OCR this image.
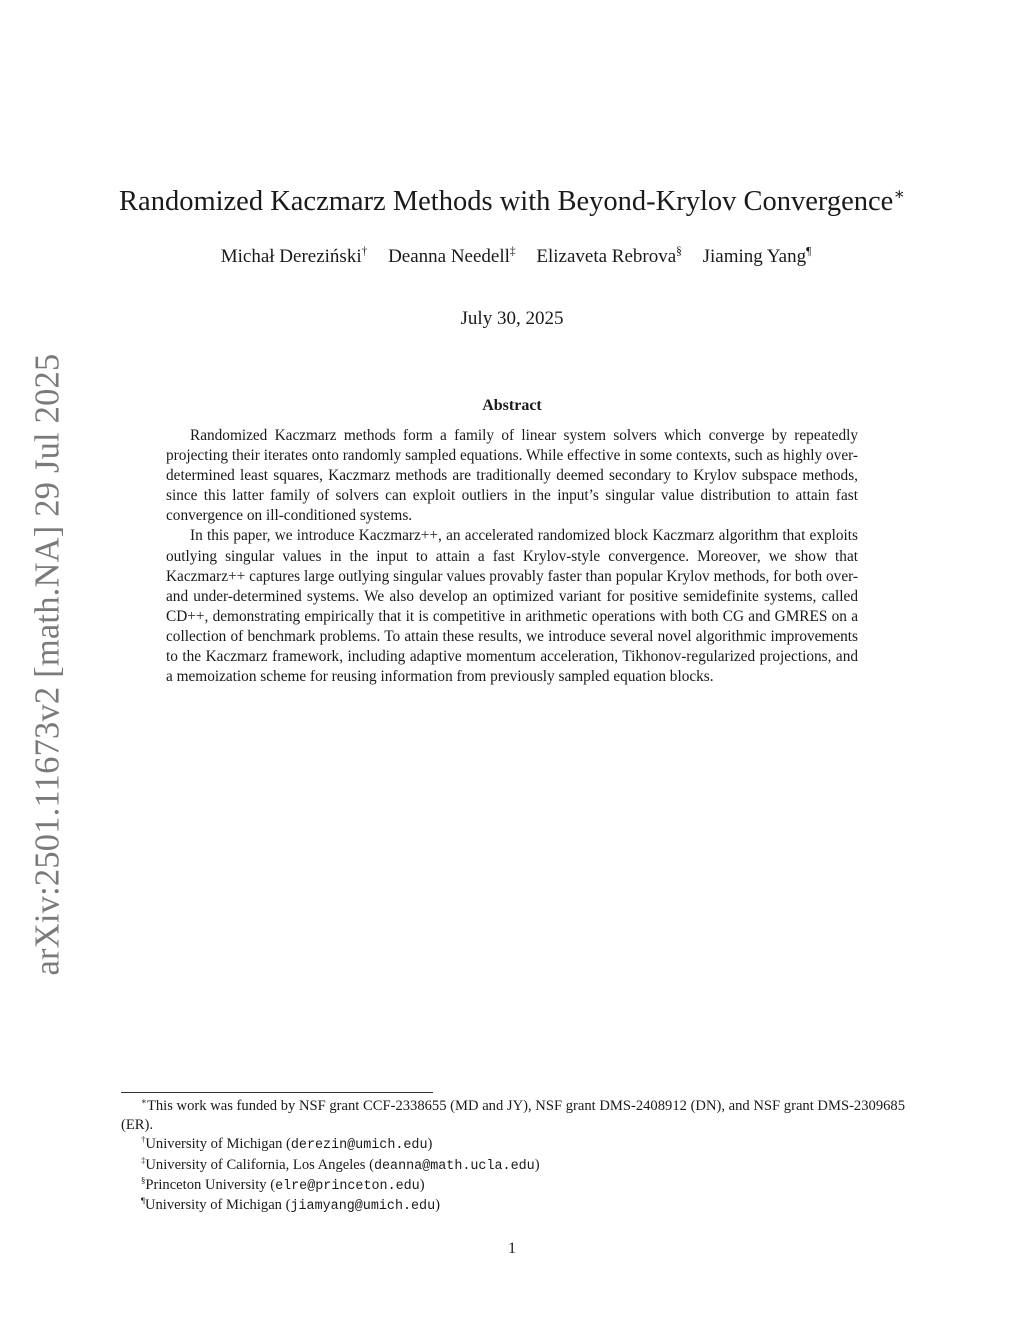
arXiv:2501.11673v2 [math.NA] 29 Jul 2025
Randomized Kaczmarz Methods with Beyond-Krylov Convergence∗
Michał Dereziński† Deanna Needell‡ Elizaveta Rebrova§ Jiaming Yang¶
July 30, 2025
Abstract

Randomized Kaczmarz methods form a family of linear system solvers which converge by repeatedly projecting their iterates onto randomly sampled equations. While effective in some contexts, such as highly over-determined least squares, Kaczmarz methods are traditionally deemed secondary to Krylov subspace methods, since this latter family of solvers can exploit outliers in the input’s singular value distribution to attain fast convergence on ill-conditioned systems.

In this paper, we introduce Kaczmarz++, an accelerated randomized block Kaczmarz algorithm that exploits outlying singular values in the input to attain a fast Krylov-style convergence. Moreover, we show that Kaczmarz++ captures large outlying singular values provably faster than popular Krylov methods, for both over- and under-determined systems. We also develop an optimized variant for positive semidefinite systems, called CD++, demonstrating empirically that it is competitive in arithmetic operations with both CG and GMRES on a collection of benchmark problems. To attain these results, we introduce several novel algorithmic improvements to the Kaczmarz framework, including adaptive momentum acceleration, Tikhonov-regularized projections, and a memoization scheme for reusing information from previously sampled equation blocks.

∗This work was funded by NSF grant CCF-2338655 (MD and JY), NSF grant DMS-2408912 (DN), and NSF grant DMS-2309685 (ER).

†University of Michigan (derezin@umich.edu)

‡University of California, Los Angeles (deanna@math.ucla.edu)

§Princeton University (elre@princeton.edu)

¶University of Michigan (jiamyang@umich.edu)

1
